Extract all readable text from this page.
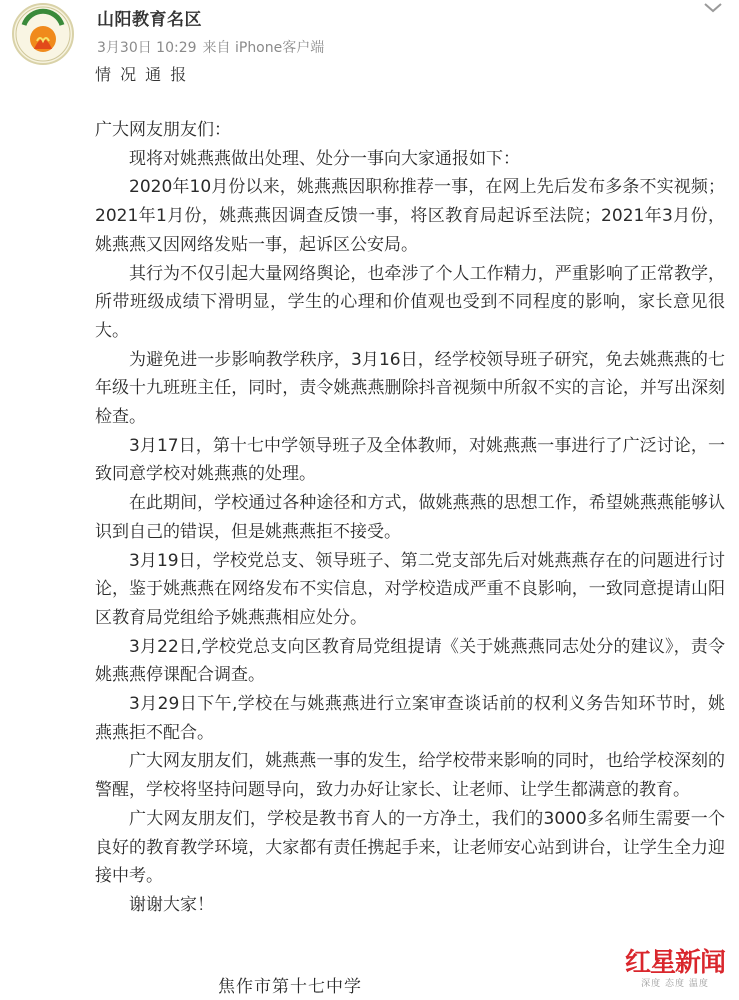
山阳教育名区
3月30日 10:29 来自 iPhone客户端
情 况 通 报

广大网友朋友们：

现将对姚燕燕做出处理、处分一事向大家通报如下：

2020年10月份以来，姚燕燕因职称推荐一事，在网上先后发布多条不实视频；2021年1月份，姚燕燕因调查反馈一事，将区教育局起诉至法院；2021年3月份，姚燕燕又因网络发贴一事，起诉区公安局。

其行为不仅引起大量网络舆论，也牵涉了个人工作精力，严重影响了正常教学，所带班级成绩下滑明显，学生的心理和价值观也受到不同程度的影响，家长意见很大。

为避免进一步影响教学秩序，3月16日，经学校领导班子研究，免去姚燕燕的七年级十九班班主任，同时，责令姚燕燕删除抖音视频中所叙不实的言论，并写出深刻检查。

3月17日，第十七中学领导班子及全体教师，对姚燕燕一事进行了广泛讨论，一致同意学校对姚燕燕的处理。

在此期间，学校通过各种途径和方式，做姚燕燕的思想工作，希望姚燕燕能够认识到自己的错误，但是姚燕燕拒不接受。

3月19日，学校党总支、领导班子、第二党支部先后对姚燕燕存在的问题进行讨论，鉴于姚燕燕在网络发布不实信息，对学校造成严重不良影响，一致同意提请山阳区教育局党组给予姚燕燕相应处分。

3月22日,学校党总支向区教育局党组提请《关于姚燕燕同志处分的建议》，责令姚燕燕停课配合调查。

3月29日下午,学校在与姚燕燕进行立案审查谈话前的权利义务告知环节时，姚燕燕拒不配合。

广大网友朋友们，姚燕燕一事的发生，给学校带来影响的同时，也给学校深刻的警醒，学校将坚持问题导向，致力办好让家长、让老师、让学生都满意的教育。

广大网友朋友们，学校是教书育人的一方净土，我们的3000多名师生需要一个良好的教育教学环境，大家都有责任携起手来，让老师安心站到讲台，让学生全力迎接中考。

谢谢大家！

焦作市第十七中学
红星新闻
深度 态度 温度
